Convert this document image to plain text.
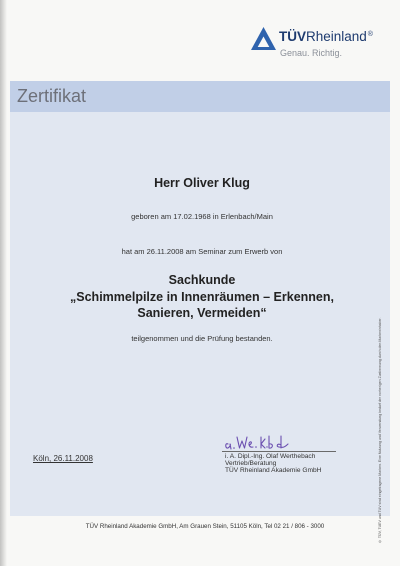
TÜVRheinland®
Genau. Richtig.
Zertifikat
Herr Oliver Klug
geboren am 17.02.1968 in Erlenbach/Main
hat am 26.11.2008 am Seminar zum Erwerb von
Sachkunde
„Schimmelpilze in Innenräumen – Erkennen,
Sanieren, Vermeiden“
teilgenommen und die Prüfung bestanden.
Köln, 26.11.2008	i. A. Dipl.-Ing. Olaf Werthebach
Vertrieb/Beratung
TÜV Rheinland Akademie GmbH
TÜV Rheinland Akademie GmbH, Am Grauen Stein, 51105 Köln, Tel 02 21 / 806 - 3000	® TÜV, TUEV und TUV sind eingetragene Marken. Eine Nutzung und Verwendung bedarf der vorherigen Zustimmung durch den Markeninhaber.
